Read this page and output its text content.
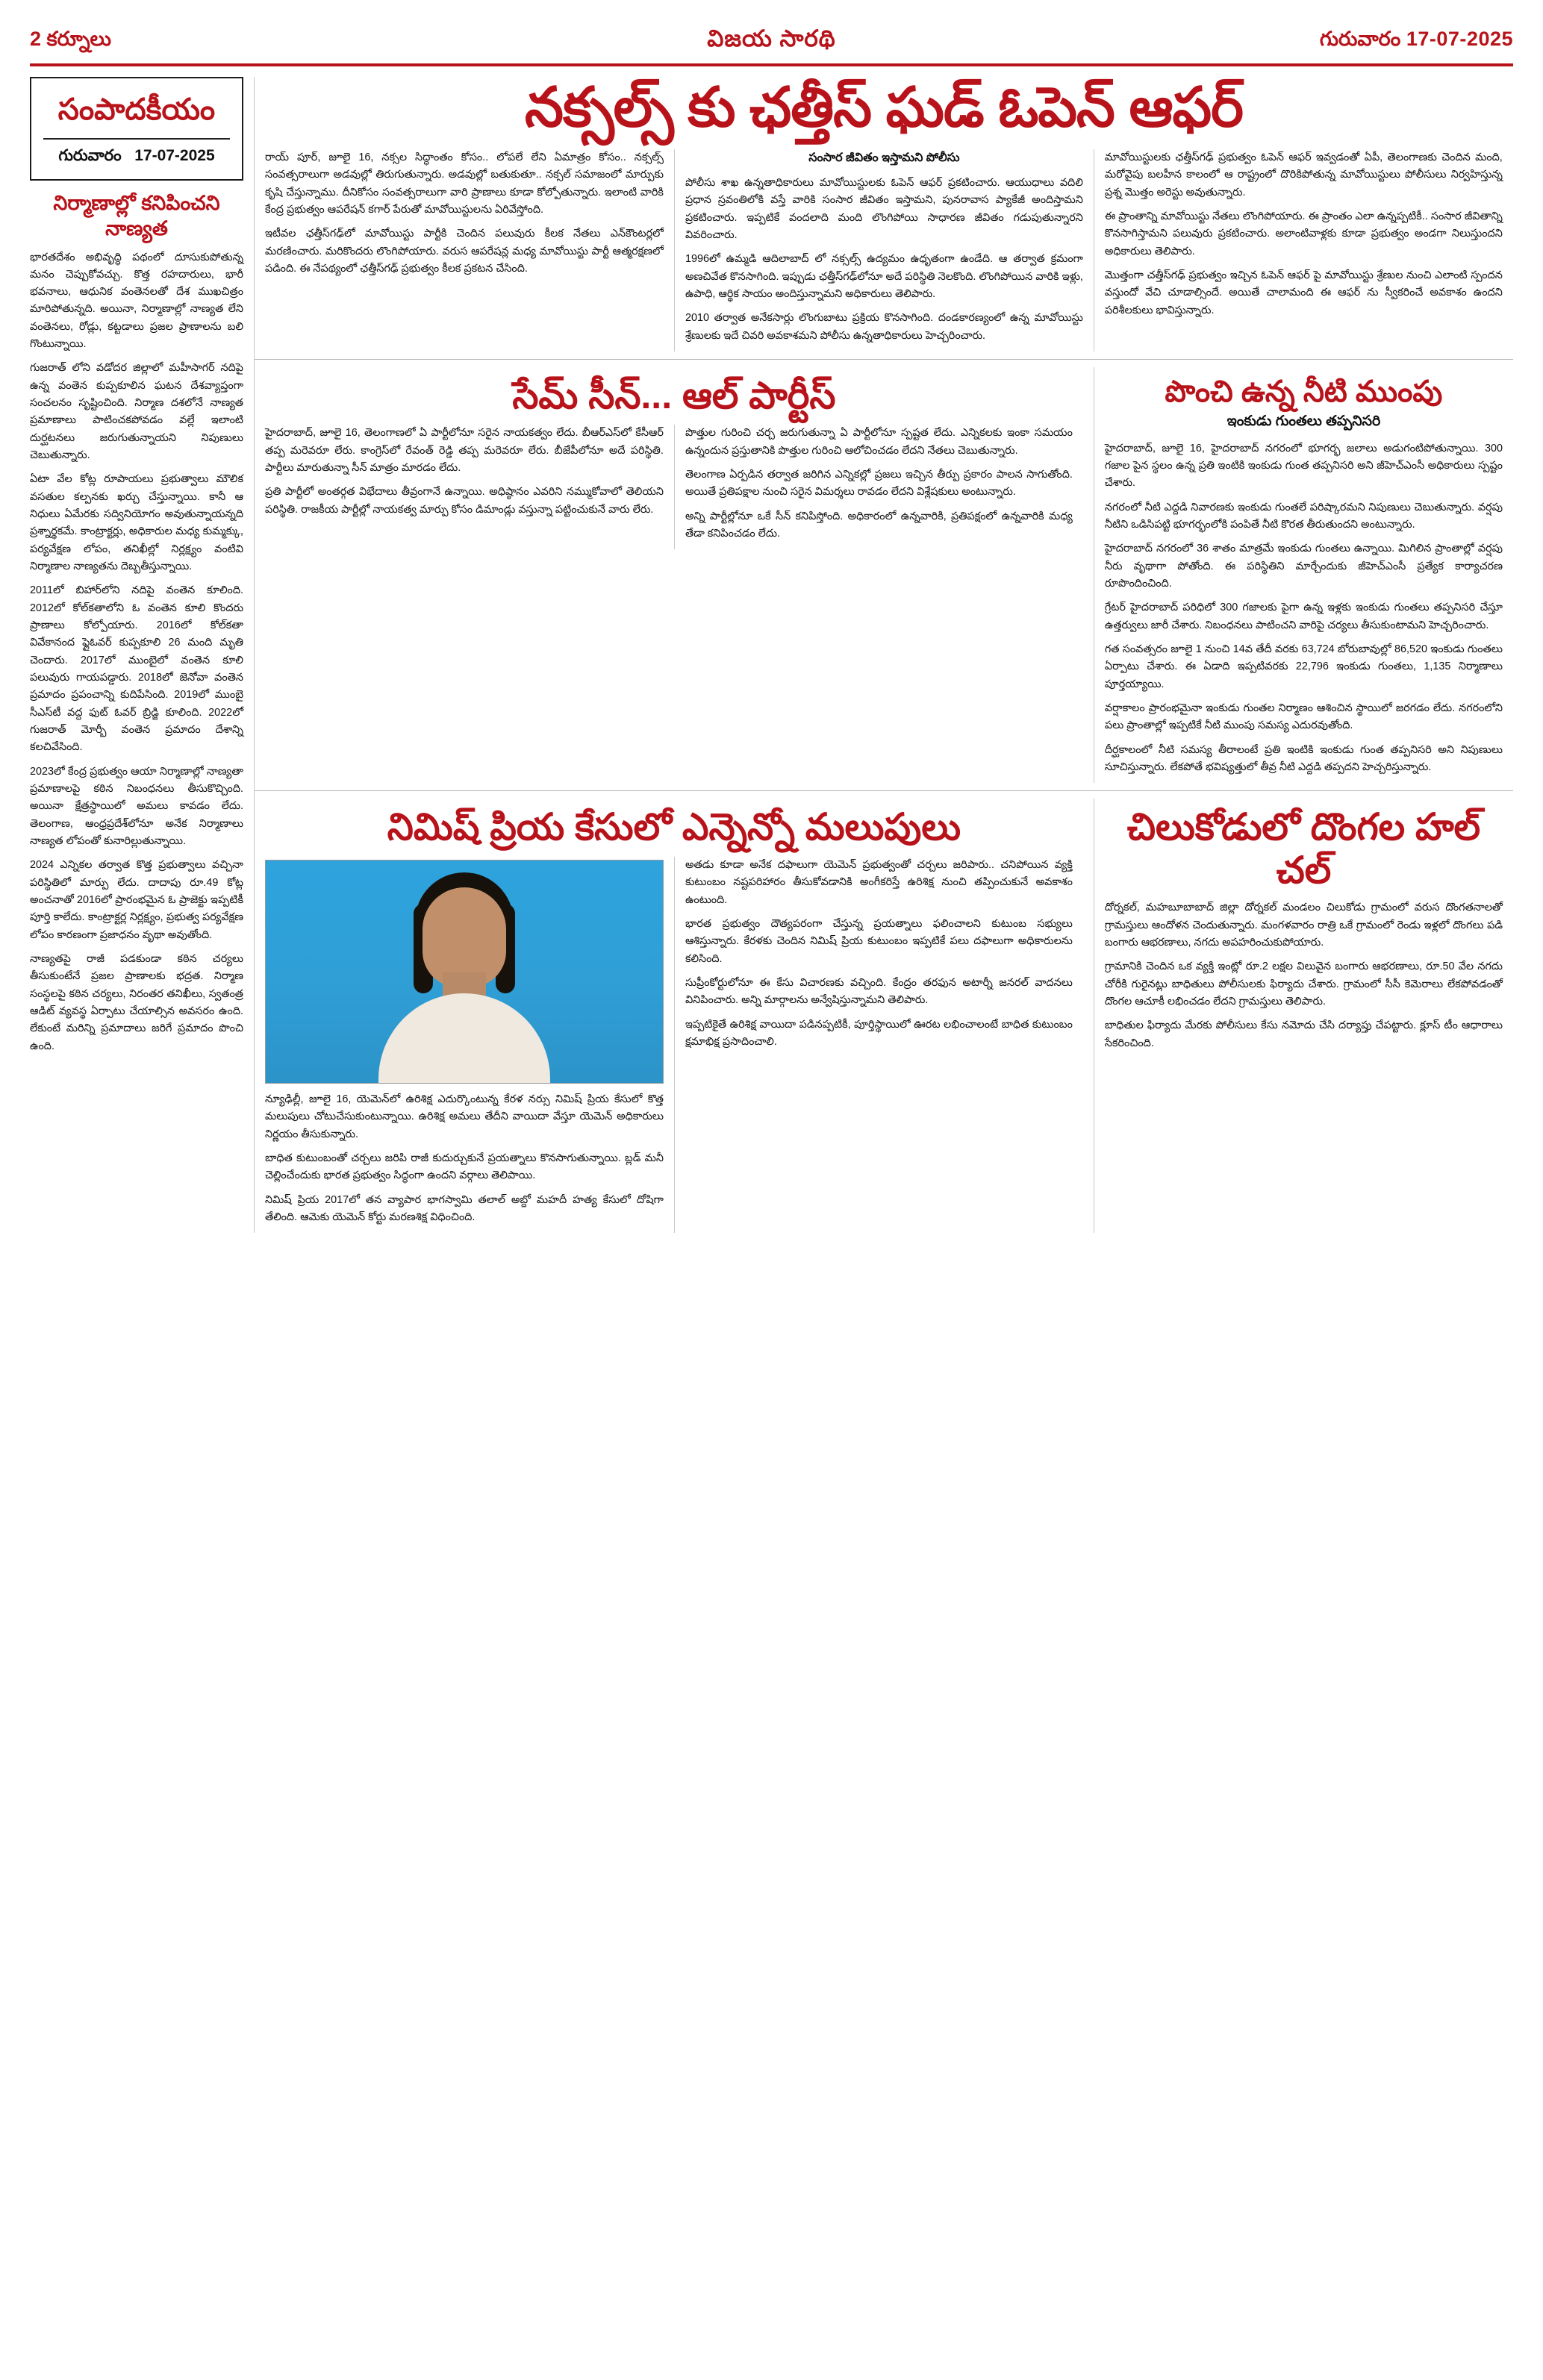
2 కర్నూలు	విజయ సారథి	గురువారం 17-07-2025
సంపాదకీయం
గురువారం 17-07-2025
నిర్మాణాల్లో కనిపించని నాణ్యత

భారతదేశం అభివృద్ధి పథంలో దూసుకుపోతున్న మనం చెప్పుకోవచ్చు. కొత్త రహదారులు, భారీ భవనాలు, ఆధునిక వంతెనలతో దేశ ముఖచిత్రం మారిపోతున్నది. అయినా, నిర్మాణాల్లో నాణ్యత లేని వంతెనలు, రోడ్లు, కట్టడాలు ప్రజల ప్రాణాలను బలి గొంటున్నాయి.

గుజరాత్ లోని వడోదర జిల్లాలో మహీసాగర్ నదిపై ఉన్న వంతెన కుప్పకూలిన ఘటన దేశవ్యాప్తంగా సంచలనం సృష్టించింది. నిర్మాణ దశలోనే నాణ్యత ప్రమాణాలు పాటించకపోవడం వల్లే ఇలాంటి దుర్ఘటనలు జరుగుతున్నాయని నిపుణులు చెబుతున్నారు.

ఏటా వేల కోట్ల రూపాయలు ప్రభుత్వాలు మౌలిక వసతుల కల్పనకు ఖర్చు చేస్తున్నాయి. కానీ ఆ నిధులు ఏమేరకు సద్వినియోగం అవుతున్నాయన్నది ప్రశ్నార్థకమే. కాంట్రాక్టర్లు, అధికారుల మధ్య కుమ్మక్కు, పర్యవేక్షణ లోపం, తనిఖీల్లో నిర్లక్ష్యం వంటివి నిర్మాణాల నాణ్యతను దెబ్బతీస్తున్నాయి.

2011లో బిహార్‌లోని నదిపై వంతెన కూలింది. 2012లో కోల్‌కతాలోని ఓ వంతెన కూలి కొందరు ప్రాణాలు కోల్పోయారు. 2016లో కోల్‌కతా వివేకానంద ఫ్లైఓవర్ కుప్పకూలి 26 మంది మృతి చెందారు. 2017లో ముంబైలో వంతెన కూలి పలువురు గాయపడ్డారు. 2018లో జెనోవా వంతెన ప్రమాదం ప్రపంచాన్ని కుదిపేసింది. 2019లో ముంబై సీఎస్‌టీ వద్ద ఫుట్ ఓవర్ బ్రిడ్జి కూలింది. 2022లో గుజరాత్ మోర్బీ వంతెన ప్రమాదం దేశాన్ని కలచివేసింది.

2023లో కేంద్ర ప్రభుత్వం ఆయా నిర్మాణాల్లో నాణ్యతా ప్రమాణాలపై కఠిన నిబంధనలు తీసుకొచ్చింది. అయినా క్షేత్రస్థాయిలో అమలు కావడం లేదు. తెలంగాణ, ఆంధ్రప్రదేశ్‌లోనూ అనేక నిర్మాణాలు నాణ్యత లోపంతో కునారిల్లుతున్నాయి.

2024 ఎన్నికల తర్వాత కొత్త ప్రభుత్వాలు వచ్చినా పరిస్థితిలో మార్పు లేదు. దాదాపు రూ.49 కోట్ల అంచనాతో 2016లో ప్రారంభమైన ఓ ప్రాజెక్టు ఇప్పటికీ పూర్తి కాలేదు. కాంట్రాక్టర్ల నిర్లక్ష్యం, ప్రభుత్వ పర్యవేక్షణ లోపం కారణంగా ప్రజాధనం వృథా అవుతోంది.

నాణ్యతపై రాజీ పడకుండా కఠిన చర్యలు తీసుకుంటేనే ప్రజల ప్రాణాలకు భద్రత. నిర్మాణ సంస్థలపై కఠిన చర్యలు, నిరంతర తనిఖీలు, స్వతంత్ర ఆడిట్ వ్యవస్థ ఏర్పాటు చేయాల్సిన అవసరం ఉంది. లేకుంటే మరిన్ని ప్రమాదాలు జరిగే ప్రమాదం పొంచి ఉంది.

నక్సల్స్ కు ఛత్తీస్ ఘడ్ ఓపెన్ ఆఫర్

రాయ్ పూర్, జూలై 16, నక్సల సిద్ధాంతం కోసం.. లోపలే లేని ఏమాత్రం కోసం.. నక్సల్స్ సంవత్సరాలుగా అడవుల్లో తిరుగుతున్నారు. అడవుల్లో బతుకుతూ.. నక్సల్ సమాజంలో మార్పుకు కృషి చేస్తున్నాము. దీనికోసం సంవత్సరాలుగా వారి ప్రాణాలు కూడా కోల్పోతున్నారు. ఇలాంటి వారికి కేంద్ర ప్రభుత్వం ఆపరేషన్ కగార్ పేరుతో మావోయిస్టులను ఏరివేస్తోంది.

ఇటీవల ఛత్తీస్‌గఢ్‌లో మావోయిస్టు పార్టీకి చెందిన పలువురు కీలక నేతలు ఎన్‌కౌంటర్లలో మరణించారు. మరికొందరు లొంగిపోయారు. వరుస ఆపరేషన్ల మధ్య మావోయిస్టు పార్టీ ఆత్మరక్షణలో పడింది. ఈ నేపథ్యంలో ఛత్తీస్‌గఢ్ ప్రభుత్వం కీలక ప్రకటన చేసింది.

సంసార జీవితం ఇస్తామని పోలీసు

పోలీసు శాఖ ఉన్నతాధికారులు మావోయిస్టులకు ఓపెన్ ఆఫర్ ప్రకటించారు. ఆయుధాలు వదిలి ప్రధాన స్రవంతిలోకి వస్తే వారికి సంసార జీవితం ఇస్తామని, పునరావాస ప్యాకేజీ అందిస్తామని ప్రకటించారు. ఇప్పటికే వందలాది మంది లొంగిపోయి సాధారణ జీవితం గడుపుతున్నారని వివరించారు.

1996లో ఉమ్మడి ఆదిలాబాద్ లో నక్సల్స్ ఉద్యమం ఉధృతంగా ఉండేది. ఆ తర్వాత క్రమంగా అణచివేత కొనసాగింది. ఇప్పుడు ఛత్తీస్‌గఢ్‌లోనూ అదే పరిస్థితి నెలకొంది. లొంగిపోయిన వారికి ఇళ్లు, ఉపాధి, ఆర్థిక సాయం అందిస్తున్నామని అధికారులు తెలిపారు.

2010 తర్వాత అనేకసార్లు లొంగుబాటు ప్రక్రియ కొనసాగింది. దండకారణ్యంలో ఉన్న మావోయిస్టు శ్రేణులకు ఇదే చివరి అవకాశమని పోలీసు ఉన్నతాధికారులు హెచ్చరించారు.

మావోయిస్టులకు ఛత్తీస్‌గఢ్ ప్రభుత్వం ఓపెన్ ఆఫర్ ఇవ్వడంతో ఏపీ, తెలంగాణకు చెందిన మంది, మరోవైపు బలహీన కాలంలో ఆ రాష్ట్రంలో దొరికిపోతున్న మావోయిస్టులు పోలీసులు నిర్వహిస్తున్న ప్రశ్న మొత్తం అరెస్టు అవుతున్నారు.

ఈ ప్రాంతాన్ని మావోయిస్టు నేతలు లొంగిపోయారు. ఈ ప్రాంతం ఎలా ఉన్నప్పటికీ.. సంసార జీవితాన్ని కొనసాగిస్తామని పలువురు ప్రకటించారు. అలాంటివాళ్లకు కూడా ప్రభుత్వం అండగా నిలుస్తుందని అధికారులు తెలిపారు.

మొత్తంగా చత్తీస్‌గఢ్ ప్రభుత్వం ఇచ్చిన ఓపెన్ ఆఫర్ పై మావోయిస్టు శ్రేణుల నుంచి ఎలాంటి స్పందన వస్తుందో వేచి చూడాల్సిందే. అయితే చాలామంది ఈ ఆఫర్ ను స్వీకరించే అవకాశం ఉందని పరిశీలకులు భావిస్తున్నారు.

సేమ్ సీన్... ఆల్ పార్టీస్

హైదరాబాద్, జూలై 16, తెలంగాణలో ఏ పార్టీలోనూ సరైన నాయకత్వం లేదు. బీఆర్ఎస్‌లో కేసీఆర్ తప్ప మరెవరూ లేరు. కాంగ్రెస్‌లో రేవంత్ రెడ్డి తప్ప మరెవరూ లేరు. బీజేపీలోనూ అదే పరిస్థితి. పార్టీలు మారుతున్నా సీన్ మాత్రం మారడం లేదు.

ప్రతి పార్టీలో అంతర్గత విభేదాలు తీవ్రంగానే ఉన్నాయి. అధిష్ఠానం ఎవరిని నమ్ముకోవాలో తెలియని పరిస్థితి. రాజకీయ పార్టీల్లో నాయకత్వ మార్పు కోసం డిమాండ్లు వస్తున్నా పట్టించుకునే వారు లేరు.

పొత్తుల గురించి చర్చ జరుగుతున్నా ఏ పార్టీలోనూ స్పష్టత లేదు. ఎన్నికలకు ఇంకా సమయం ఉన్నందున ప్రస్తుతానికి పొత్తుల గురించి ఆలోచించడం లేదని నేతలు చెబుతున్నారు.

తెలంగాణ ఏర్పడిన తర్వాత జరిగిన ఎన్నికల్లో ప్రజలు ఇచ్చిన తీర్పు ప్రకారం పాలన సాగుతోంది. అయితే ప్రతిపక్షాల నుంచి సరైన విమర్శలు రావడం లేదని విశ్లేషకులు అంటున్నారు.

అన్ని పార్టీల్లోనూ ఒకే సీన్ కనిపిస్తోంది. అధికారంలో ఉన్నవారికి, ప్రతిపక్షంలో ఉన్నవారికి మధ్య తేడా కనిపించడం లేదు.

పొంచి ఉన్న నీటి ముంపు
ఇంకుడు గుంతలు తప్పనిసరి

హైదరాబాద్, జూలై 16, హైదరాబాద్ నగరంలో భూగర్భ జలాలు అడుగంటిపోతున్నాయి. 300 గజాల పైన స్థలం ఉన్న ప్రతి ఇంటికి ఇంకుడు గుంత తప్పనిసరి అని జీహెచ్ఎంసీ అధికారులు స్పష్టం చేశారు.

నగరంలో నీటి ఎద్దడి నివారణకు ఇంకుడు గుంతలే పరిష్కారమని నిపుణులు చెబుతున్నారు. వర్షపు నీటిని ఒడిసిపట్టి భూగర్భంలోకి పంపితే నీటి కొరత తీరుతుందని అంటున్నారు.

హైదరాబాద్ నగరంలో 36 శాతం మాత్రమే ఇంకుడు గుంతలు ఉన్నాయి. మిగిలిన ప్రాంతాల్లో వర్షపు నీరు వృథాగా పోతోంది. ఈ పరిస్థితిని మార్చేందుకు జీహెచ్ఎంసీ ప్రత్యేక కార్యాచరణ రూపొందించింది.

గ్రేటర్ హైదరాబాద్ పరిధిలో 300 గజాలకు పైగా ఉన్న ఇళ్లకు ఇంకుడు గుంతలు తప్పనిసరి చేస్తూ ఉత్తర్వులు జారీ చేశారు. నిబంధనలు పాటించని వారిపై చర్యలు తీసుకుంటామని హెచ్చరించారు.

గత సంవత్సరం జూలై 1 నుంచి 14వ తేదీ వరకు 63,724 బోరుబావుల్లో 86,520 ఇంకుడు గుంతలు ఏర్పాటు చేశారు. ఈ ఏడాది ఇప్పటివరకు 22,796 ఇంకుడు గుంతలు, 1,135 నిర్మాణాలు పూర్తయ్యాయి.

వర్షాకాలం ప్రారంభమైనా ఇంకుడు గుంతల నిర్మాణం ఆశించిన స్థాయిలో జరగడం లేదు. నగరంలోని పలు ప్రాంతాల్లో ఇప్పటికే నీటి ముంపు సమస్య ఎదురవుతోంది.

దీర్ఘకాలంలో నీటి సమస్య తీరాలంటే ప్రతి ఇంటికి ఇంకుడు గుంత తప్పనిసరి అని నిపుణులు సూచిస్తున్నారు. లేకపోతే భవిష్యత్తులో తీవ్ర నీటి ఎద్దడి తప్పదని హెచ్చరిస్తున్నారు.

నిమిష్ ప్రియ కేసులో ఎన్నెన్నో మలుపులు

న్యూఢిల్లీ, జూలై 16, యెమెన్‌లో ఉరిశిక్ష ఎదుర్కొంటున్న కేరళ నర్సు నిమిష్ ప్రియ కేసులో కొత్త మలుపులు చోటుచేసుకుంటున్నాయి. ఉరిశిక్ష అమలు తేదీని వాయిదా వేస్తూ యెమెన్ అధికారులు నిర్ణయం తీసుకున్నారు.

బాధిత కుటుంబంతో చర్చలు జరిపి రాజీ కుదుర్చుకునే ప్రయత్నాలు కొనసాగుతున్నాయి. బ్లడ్ మనీ చెల్లించేందుకు భారత ప్రభుత్వం సిద్ధంగా ఉందని వర్గాలు తెలిపాయి.

నిమిష్ ప్రియ 2017లో తన వ్యాపార భాగస్వామి తలాల్ అబ్దో మహదీ హత్య కేసులో దోషిగా తేలింది. ఆమెకు యెమెన్ కోర్టు మరణశిక్ష విధించింది.

అతడు కూడా అనేక దఫాలుగా యెమెన్ ప్రభుత్వంతో చర్చలు జరిపారు.. చనిపోయిన వ్యక్తి కుటుంబం నష్టపరిహారం తీసుకోవడానికి అంగీకరిస్తే ఉరిశిక్ష నుంచి తప్పించుకునే అవకాశం ఉంటుంది.

భారత ప్రభుత్వం దౌత్యపరంగా చేస్తున్న ప్రయత్నాలు ఫలించాలని కుటుంబ సభ్యులు ఆశిస్తున్నారు. కేరళకు చెందిన నిమిష్ ప్రియ కుటుంబం ఇప్పటికే పలు దఫాలుగా అధికారులను కలిసింది.

సుప్రీంకోర్టులోనూ ఈ కేసు విచారణకు వచ్చింది. కేంద్రం తరఫున అటార్నీ జనరల్ వాదనలు వినిపించారు. అన్ని మార్గాలను అన్వేషిస్తున్నామని తెలిపారు.

ఇప్పటికైతే ఉరిశిక్ష వాయిదా పడినప్పటికీ, పూర్తిస్థాయిలో ఊరట లభించాలంటే బాధిత కుటుంబం క్షమాభిక్ష ప్రసాదించాలి.

చిలుకోడులో దొంగల హల్ చల్

దోర్నకల్, మహబూబాబాద్ జిల్లా దోర్నకల్ మండలం చిలుకోడు గ్రామంలో వరుస దొంగతనాలతో గ్రామస్తులు ఆందోళన చెందుతున్నారు. మంగళవారం రాత్రి ఒకే గ్రామంలో రెండు ఇళ్లలో దొంగలు పడి బంగారు ఆభరణాలు, నగదు అపహరించుకుపోయారు.

గ్రామానికి చెందిన ఒక వ్యక్తి ఇంట్లో రూ.2 లక్షల విలువైన బంగారు ఆభరణాలు, రూ.50 వేల నగదు చోరీకి గురైనట్లు బాధితులు పోలీసులకు ఫిర్యాదు చేశారు. గ్రామంలో సీసీ కెమెరాలు లేకపోవడంతో దొంగల ఆచూకీ లభించడం లేదని గ్రామస్తులు తెలిపారు.

బాధితుల ఫిర్యాదు మేరకు పోలీసులు కేసు నమోదు చేసి దర్యాప్తు చేపట్టారు. క్లూస్ టీం ఆధారాలు సేకరించింది.
